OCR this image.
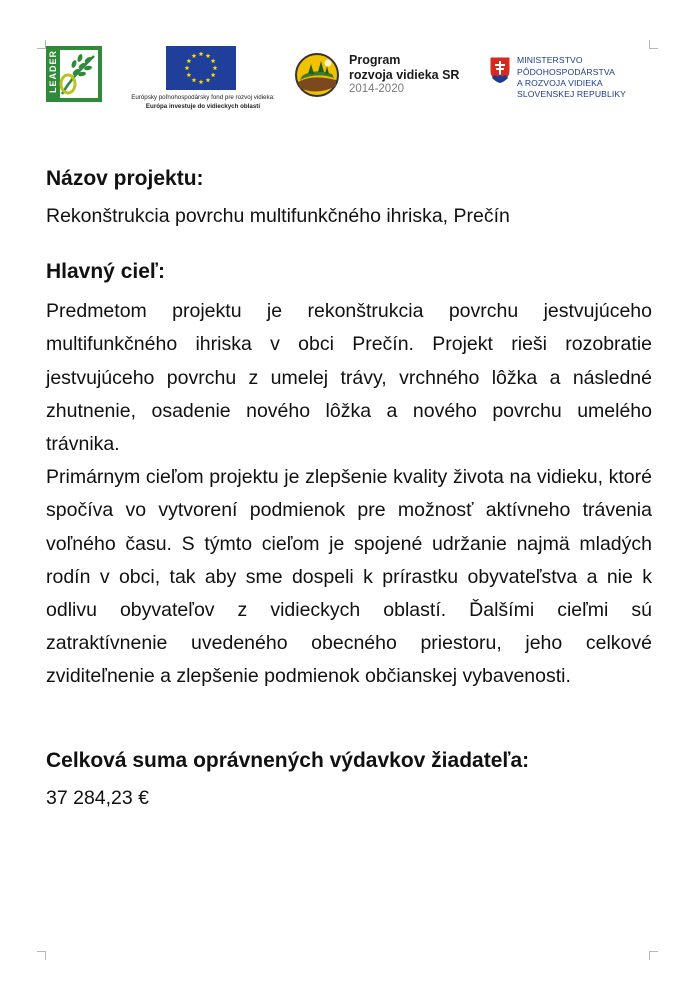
LEADER
Európsky poľnohospodársky fond pre rozvoj vidieka:
Európa investuje do vidieckych oblastí
Program
rozvoja vidieka SR
2014-2020
MINISTERSTVO
PÔDOHOSPODÁRSTVA
A ROZVOJA VIDIEKA
SLOVENSKEJ REPUBLIKY
Názov projektu:

Rekonštrukcia povrchu multifunkčného ihriska, Prečín

Hlavný cieľ:

Predmetom projektu je rekonštrukcia povrchu jestvujúceho multifunkčného ihriska v obci Prečín. Projekt rieši rozobratie jestvujúceho povrchu z umelej trávy, vrchného lôžka a následné zhutnenie, osadenie nového lôžka a nového povrchu umelého trávnika.

Primárnym cieľom projektu je zlepšenie kvality života na vidieku, ktoré spočíva vo vytvorení podmienok pre možnosť aktívneho trávenia voľného času. S týmto cieľom je spojené udržanie najmä mladých rodín v obci, tak aby sme dospeli k prírastku obyvateľstva a nie k odlivu obyvateľov z vidieckych oblastí. Ďalšími cieľmi sú zatraktívnenie uvedeného obecného priestoru, jeho celkové zviditeľnenie a zlepšenie podmienok občianskej vybavenosti.

Celková suma oprávnených výdavkov žiadateľa:

37 284,23 €
